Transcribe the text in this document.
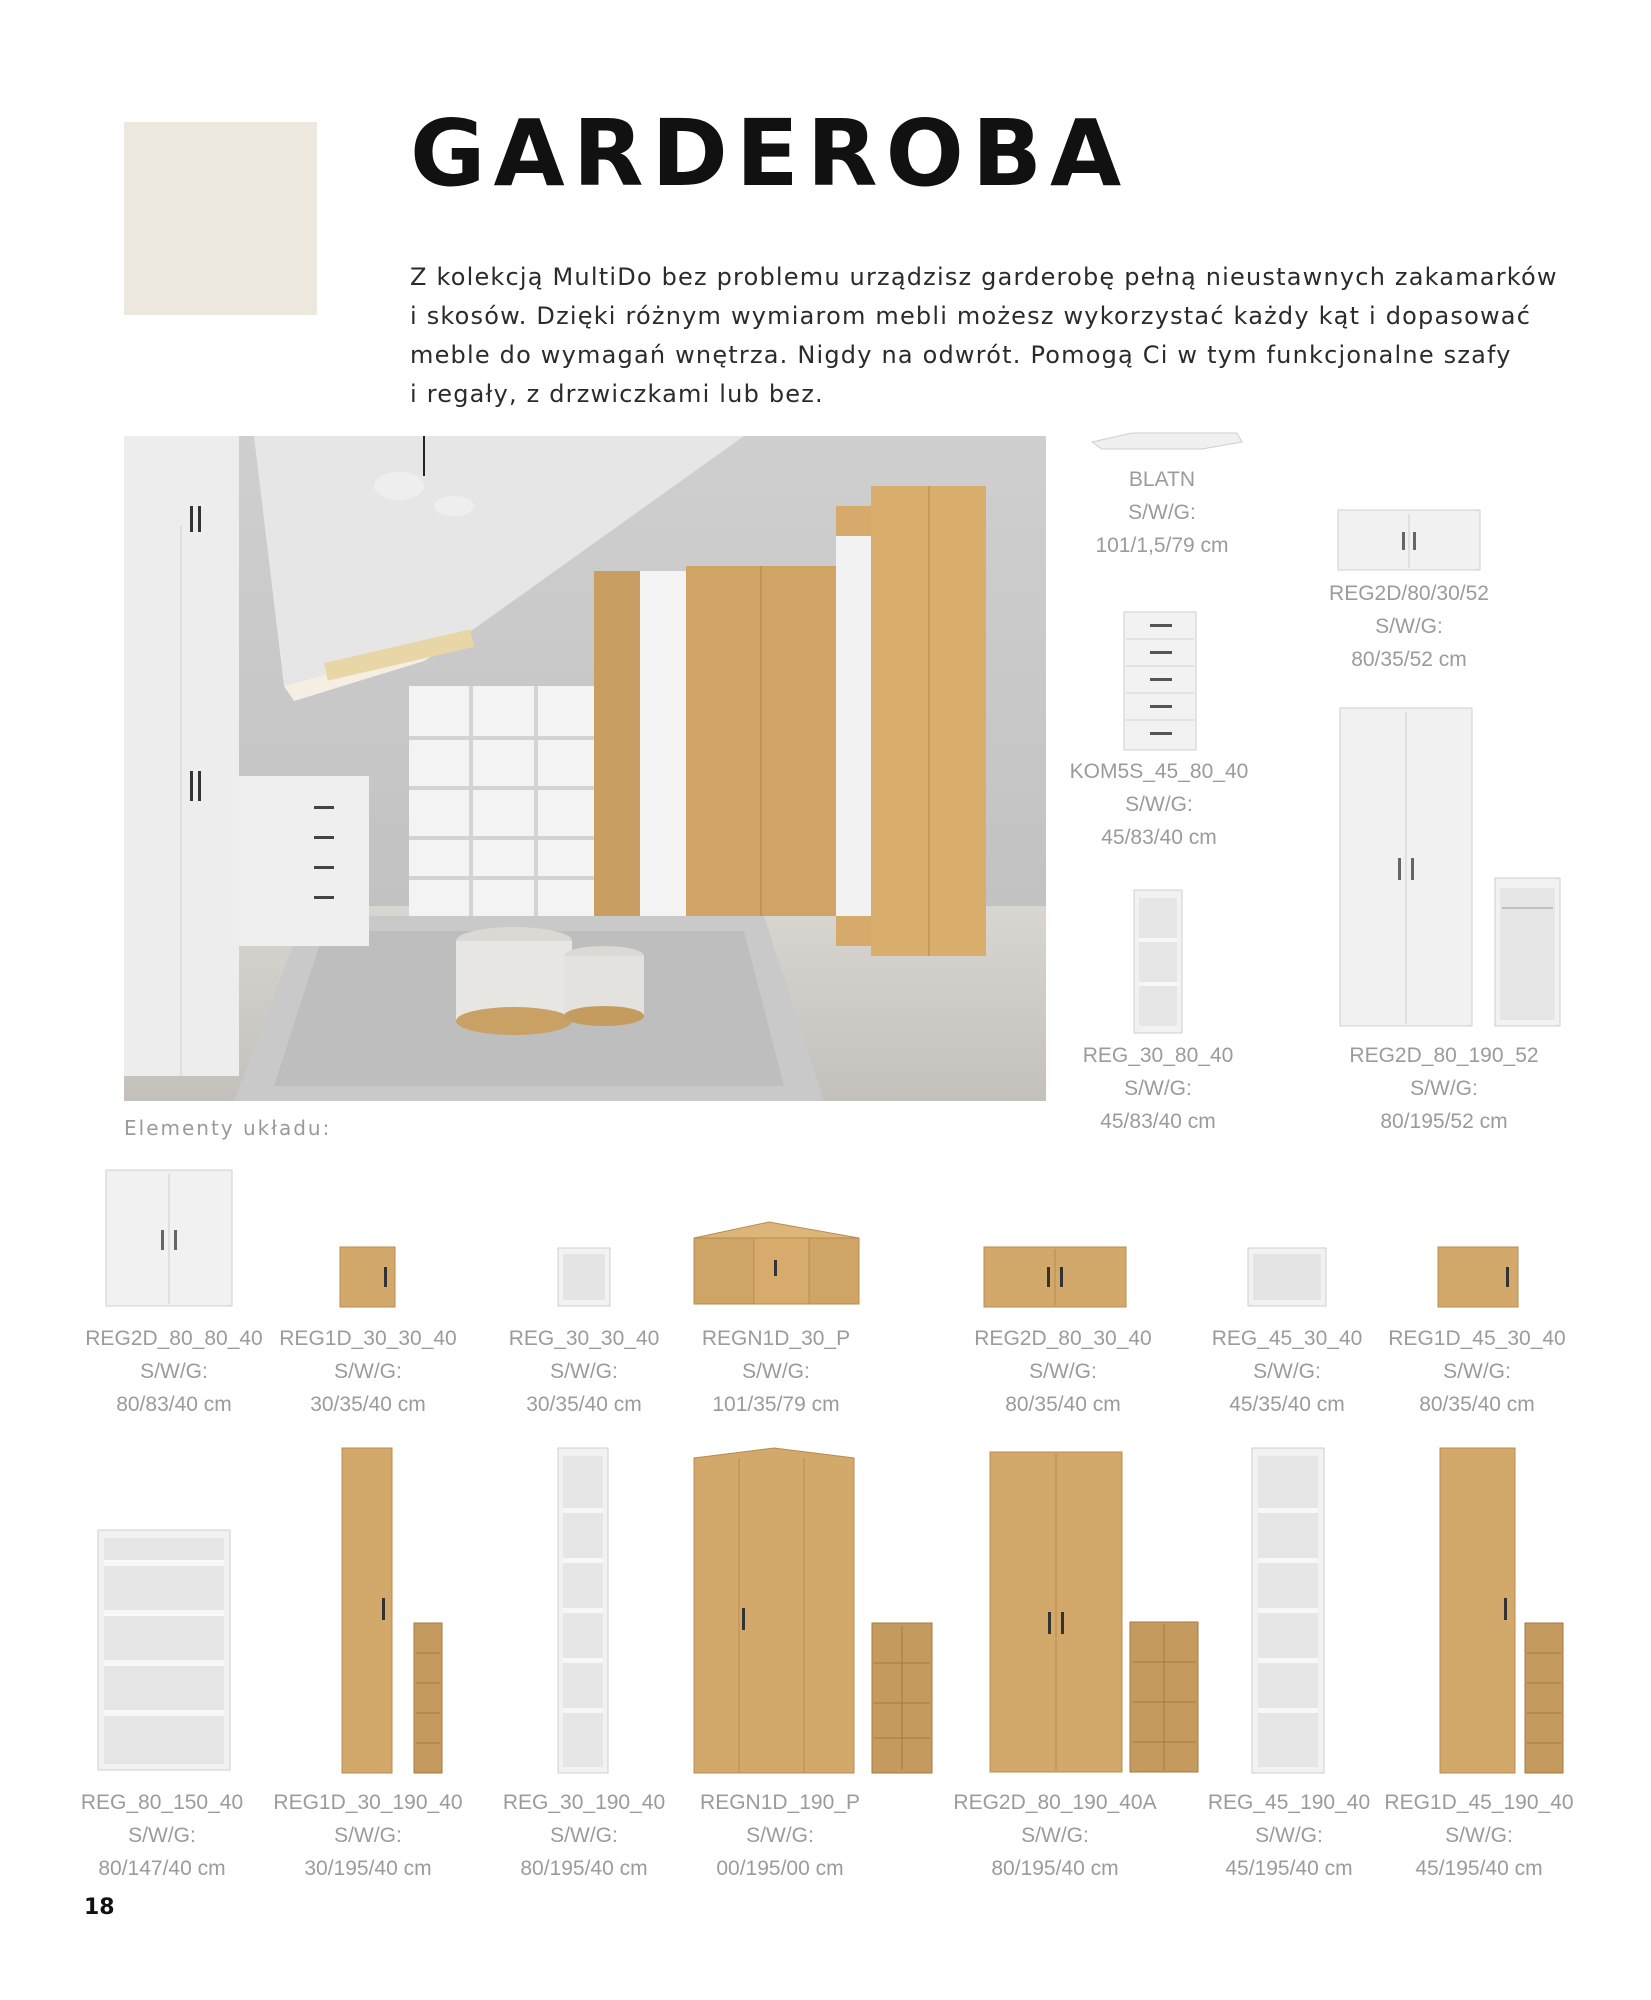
GARDEROBA

Z kolekcją MultiDo bez problemu urządzisz garderobę pełną nieustawnych zakamarków

i skosów. Dzięki różnym wymiarom mebli możesz wykorzystać każdy kąt i dopasować

meble do wymagań wnętrza. Nigdy na odwrót. Pomogą Ci w tym funkcjonalne szafy

i regały, z drzwiczkami lub bez.

BLATN
S/W/G:
101/1,5/79 cm
REG2D/80/30/52
S/W/G:
80/35/52 cm
KOM5S_45_80_40
S/W/G:
45/83/40 cm
REG_30_80_40
S/W/G:
45/83/40 cm
REG2D_80_190_52
S/W/G:
80/195/52 cm
Elementy układu:
REG2D_80_80_40
S/W/G:
80/83/40 cm
REG1D_30_30_40
S/W/G:
30/35/40 cm
REG_30_30_40
S/W/G:
30/35/40 cm
REGN1D_30_P
S/W/G:
101/35/79 cm
REG2D_80_30_40
S/W/G:
80/35/40 cm
REG_45_30_40
S/W/G:
45/35/40 cm
REG1D_45_30_40
S/W/G:
80/35/40 cm
REG_80_150_40
S/W/G:
80/147/40 cm
REG1D_30_190_40
S/W/G:
30/195/40 cm
REG_30_190_40
S/W/G:
80/195/40 cm
REGN1D_190_P
S/W/G:
00/195/00 cm
REG2D_80_190_40A
S/W/G:
80/195/40 cm
REG_45_190_40
S/W/G:
45/195/40 cm
REG1D_45_190_40
S/W/G:
45/195/40 cm
18
